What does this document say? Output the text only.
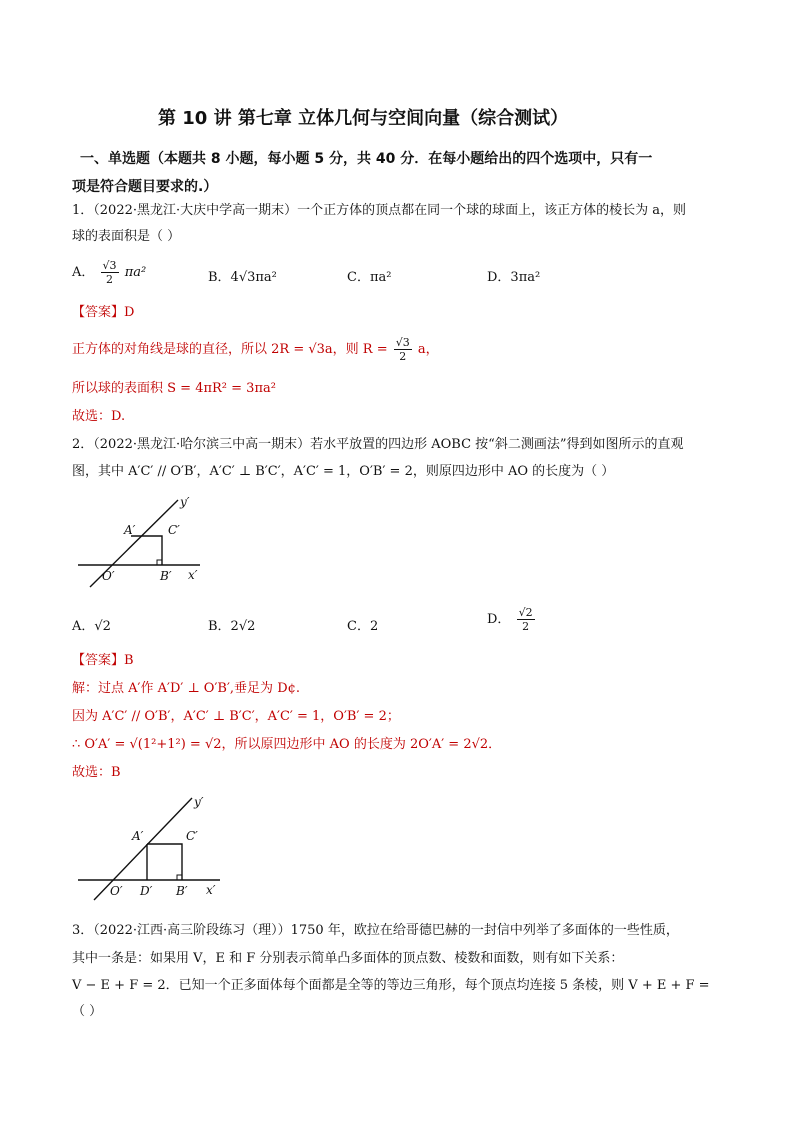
第 10 讲 第七章 立体几何与空间向量（综合测试）
一、单选题（本题共 8 小题，每小题 5 分，共 40 分．在每小题给出的四个选项中，只有一
项是符合题目要求的.）
1．（2022·黑龙江·大庆中学高一期末）一个正方体的顶点都在同一个球的球面上，该正方体的棱长为 a，则
球的表面积是（ ）
A． $\frac{√3}{2} \pi a^2$	B．4√3πa²	C．πa²	D．3πa²
【答案】D
正方体的对角线是球的直径，所以 2R = √3a，则 $R = \frac{√3}{2}$ a，
所以球的表面积 S = 4πR² = 3πa²
故选：D.
2．（2022·黑龙江·哈尔滨三中高一期末）若水平放置的四边形 AOBC 按“斜二测画法”得到如图所示的直观
图，其中 A′C′ // O′B′，A′C′ ⊥ B′C′，A′C′ = 1，O′B′ = 2，则原四边形中 AO 的长度为（ ）
y′
x′
A′	C′
O′	B′
A．√2	B．2√2	C．2	D． $\frac{√2}{2}$
【答案】B
解：过点 A′作 A′D′ ⊥ O′B′,垂足为 D¢.
因为 A′C′ // O′B′，A′C′ ⊥ B′C′，A′C′ = 1，O′B′ = 2；
∴ O′A′ = √(1²+1²) = √2，所以原四边形中 AO 的长度为 2O′A′ = 2√2．
故选：B
y′
x′
A′	C′
O′ D′ B′
3．（2022·江西·高三阶段练习（理））1750 年，欧拉在给哥德巴赫的一封信中列举了多面体的一些性质，
其中一条是：如果用 V，E 和 F 分别表示简单凸多面体的顶点数、棱数和面数，则有如下关系：
V − E + F = 2．已知一个正多面体每个面都是全等的等边三角形，每个顶点均连接 5 条棱，则 V + E + F =
（ ）
